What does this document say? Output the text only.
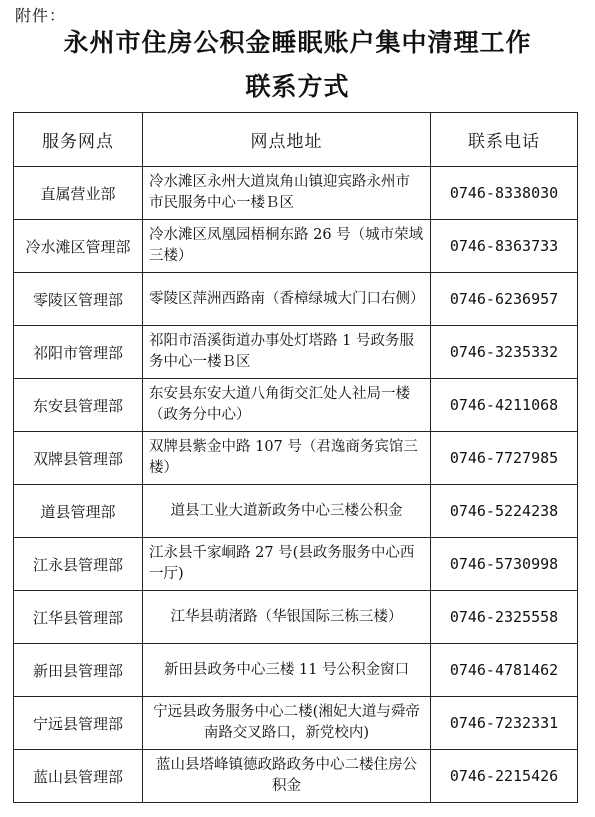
附件：
永州市住房公积金睡眠账户集中清理工作
联系方式
服务网点	网点地址	联系电话
直属营业部	冷水滩区永州大道岚角山镇迎宾路永州市市民服务中心一楼Ｂ区	0746-8338030
冷水滩区管理部	冷水滩区凤凰园梧桐东路 26 号（城市荣域三楼）	0746-8363733
零陵区管理部	零陵区萍洲西路南（香樟绿城大门口右侧）	0746-6236957
祁阳市管理部	祁阳市浯溪街道办事处灯塔路 1 号政务服务中心一楼Ｂ区	0746-3235332
东安县管理部	东安县东安大道八角街交汇处人社局一楼（政务分中心）	0746-4211068
双牌县管理部	双牌县紫金中路 107 号（君逸商务宾馆三楼）	0746-7727985
道县管理部	道县工业大道新政务中心三楼公积金	0746-5224238
江永县管理部	江永县千家峒路 27 号(县政务服务中心西一厅)	0746-5730998
江华县管理部	江华县萌渚路（华银国际三栋三楼）	0746-2325558
新田县管理部	新田县政务中心三楼 11 号公积金窗口	0746-4781462
宁远县管理部	宁远县政务服务中心二楼(湘妃大道与舜帝南路交叉路口，新党校内)	0746-7232331
蓝山县管理部	蓝山县塔峰镇德政路政务中心二楼住房公积金	0746-2215426
